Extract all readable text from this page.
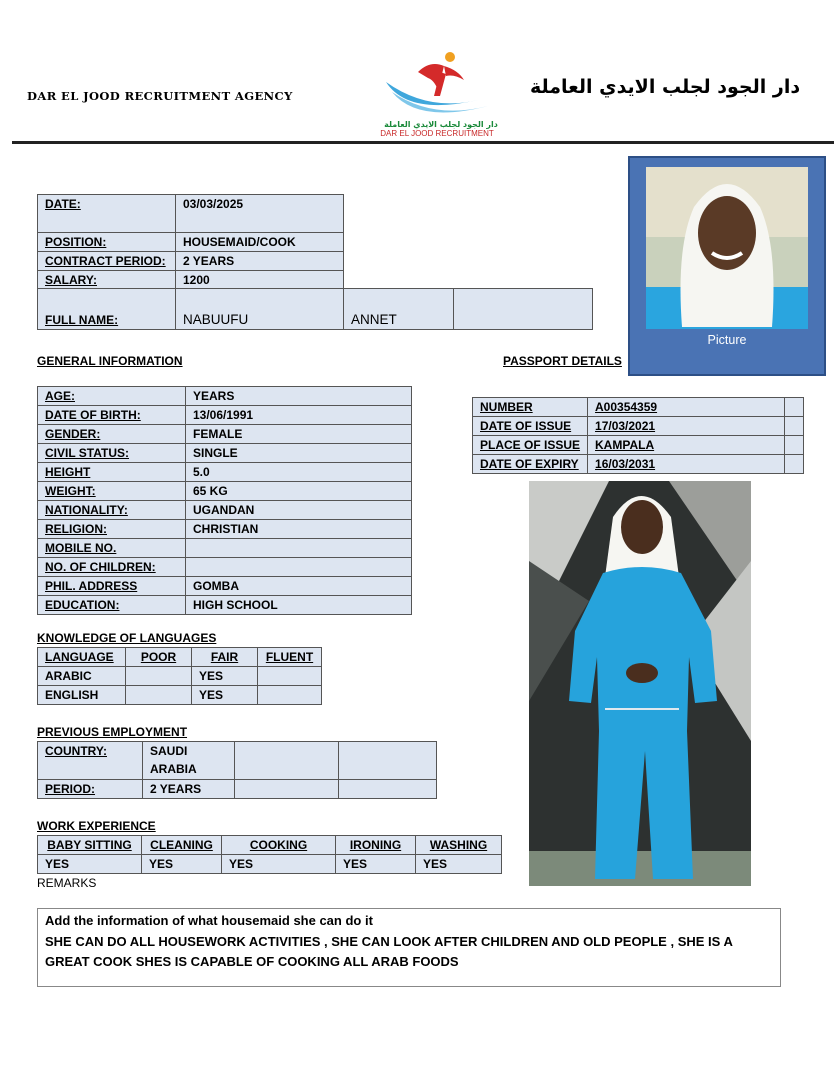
DAR EL JOOD RECRUITMENT AGENCY
دار الجود لجلب الايدي العاملة
DAR EL JOOD RECRUITMENT
دار الجود لجلب الايدي العاملة
DATE:	03/03/2025
POSITION:	HOUSEMAID/COOK
CONTRACT PERIOD:	2 YEARS
SALARY:	1200
FULL NAME:	NABUUFU	ANNET	
Picture
GENERAL INFORMATION	PASSPORT DETAILS
AGE:	YEARS
DATE OF BIRTH:	13/06/1991
GENDER:	FEMALE
CIVIL STATUS:	SINGLE
HEIGHT	5.0
WEIGHT:	65 KG
NATIONALITY:	UGANDAN
RELIGION:	CHRISTIAN
MOBILE NO.	
NO. OF CHILDREN:	
PHIL. ADDRESS	GOMBA
EDUCATION:	HIGH SCHOOL
NUMBER	A00354359	
DATE OF ISSUE	17/03/2021	
PLACE OF ISSUE	KAMPALA	
DATE OF EXPIRY	16/03/2031	
KNOWLEDGE OF LANGUAGES
LANGUAGE	POOR	FAIR	FLUENT
ARABIC		YES	
ENGLISH		YES	
PREVIOUS EMPLOYMENT
COUNTRY:	SAUDI ARABIA		
PERIOD:	2 YEARS		
WORK EXPERIENCE
BABY SITTING	CLEANING	COOKING	IRONING	WASHING
YES	YES	YES	YES	YES
REMARKS
Add the information of what housemaid she can do it
SHE CAN DO ALL HOUSEWORK ACTIVITIES , SHE CAN LOOK AFTER CHILDREN AND OLD PEOPLE , SHE IS A GREAT COOK SHES IS CAPABLE OF COOKING ALL ARAB FOODS
